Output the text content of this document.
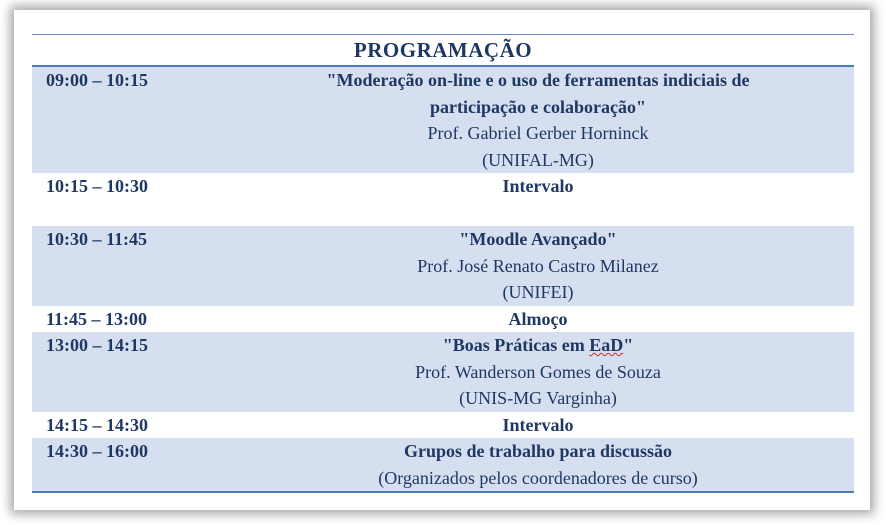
PROGRAMAÇÃO
09:00 – 10:15	"Moderação on-line e o uso de ferramentas indiciais de
participação e colaboração"
Prof. Gabriel Gerber Horninck
(UNIFAL-MG)
10:15 – 10:30	Intervalo
10:30 – 11:45	"Moodle Avançado"
Prof. José Renato Castro Milanez
(UNIFEI)
11:45 – 13:00	Almoço
13:00 – 14:15	"Boas Práticas em EaD"
Prof. Wanderson Gomes de Souza
(UNIS-MG Varginha)
14:15 – 14:30	Intervalo
14:30 – 16:00	Grupos de trabalho para discussão
(Organizados pelos coordenadores de curso)
